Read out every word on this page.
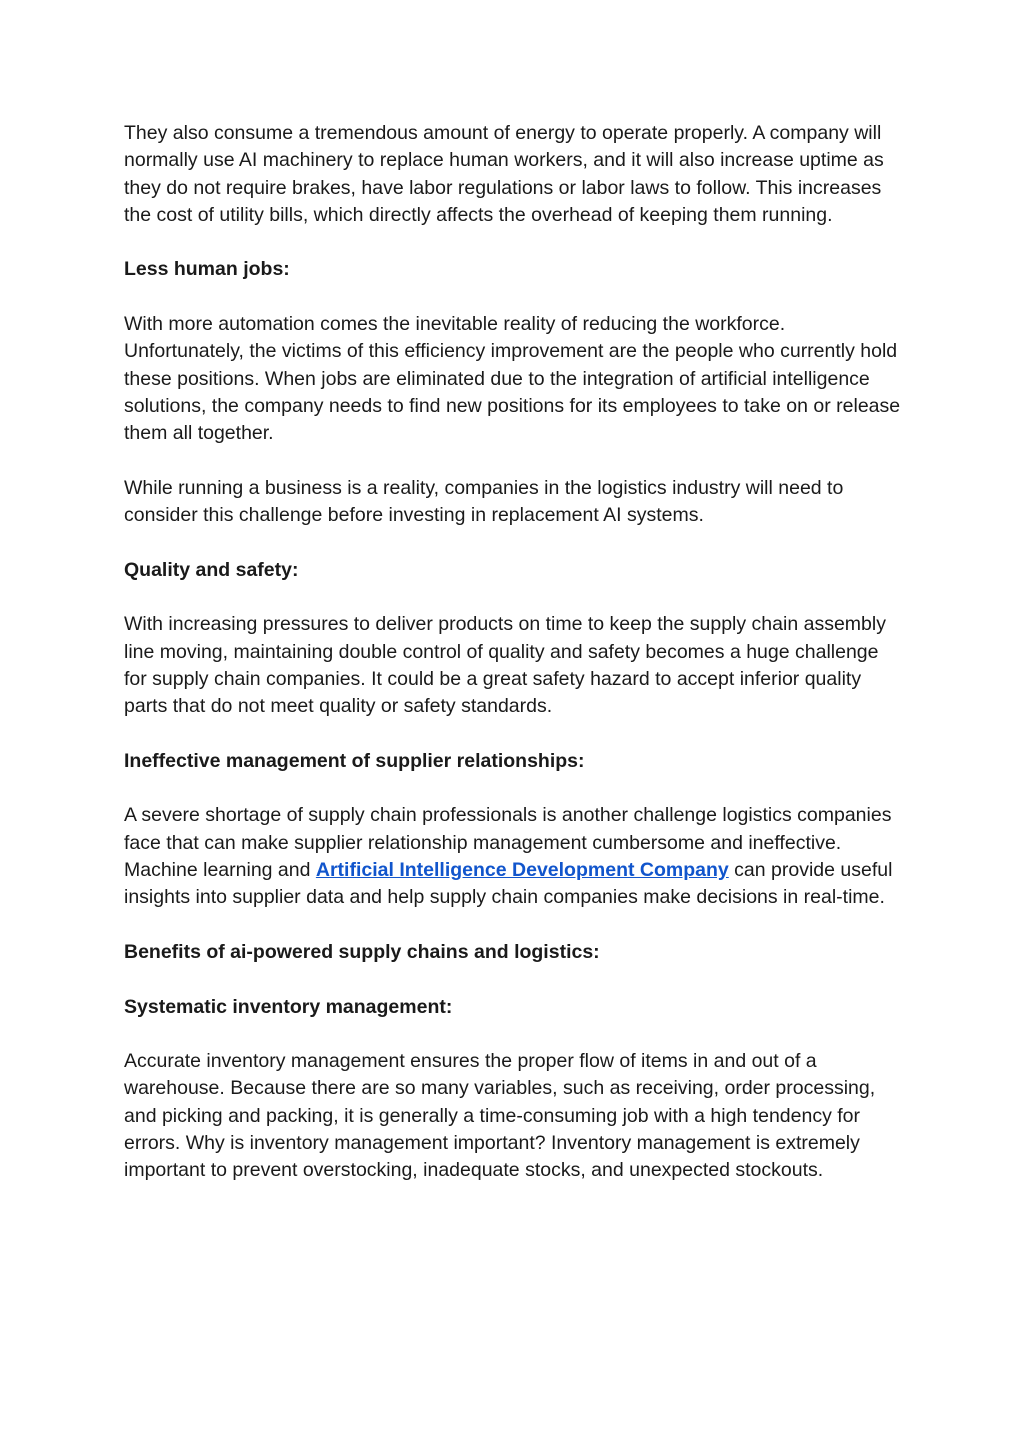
They also consume a tremendous amount of energy to operate properly. A company will normally use AI machinery to replace human workers, and it will also increase uptime as they do not require brakes, have labor regulations or labor laws to follow. This increases the cost of utility bills, which directly affects the overhead of keeping them running.

Less human jobs:

With more automation comes the inevitable reality of reducing the workforce. Unfortunately, the victims of this efficiency improvement are the people who currently hold these positions. When jobs are eliminated due to the integration of artificial intelligence solutions, the company needs to find new positions for its employees to take on or release them all together.

While running a business is a reality, companies in the logistics industry will need to consider this challenge before investing in replacement AI systems.

Quality and safety:

With increasing pressures to deliver products on time to keep the supply chain assembly line moving, maintaining double control of quality and safety becomes a huge challenge for supply chain companies. It could be a great safety hazard to accept inferior quality parts that do not meet quality or safety standards.

Ineffective management of supplier relationships:

A severe shortage of supply chain professionals is another challenge logistics companies face that can make supplier relationship management cumbersome and ineffective.

Machine learning and Artificial Intelligence Development Company can provide useful insights into supplier data and help supply chain companies make decisions in real-time.

Benefits of ai-powered supply chains and logistics:

Systematic inventory management:

Accurate inventory management ensures the proper flow of items in and out of a warehouse. Because there are so many variables, such as receiving, order processing, and picking and packing, it is generally a time-consuming job with a high tendency for errors. Why is inventory management important? Inventory management is extremely important to prevent overstocking, inadequate stocks, and unexpected stockouts.
